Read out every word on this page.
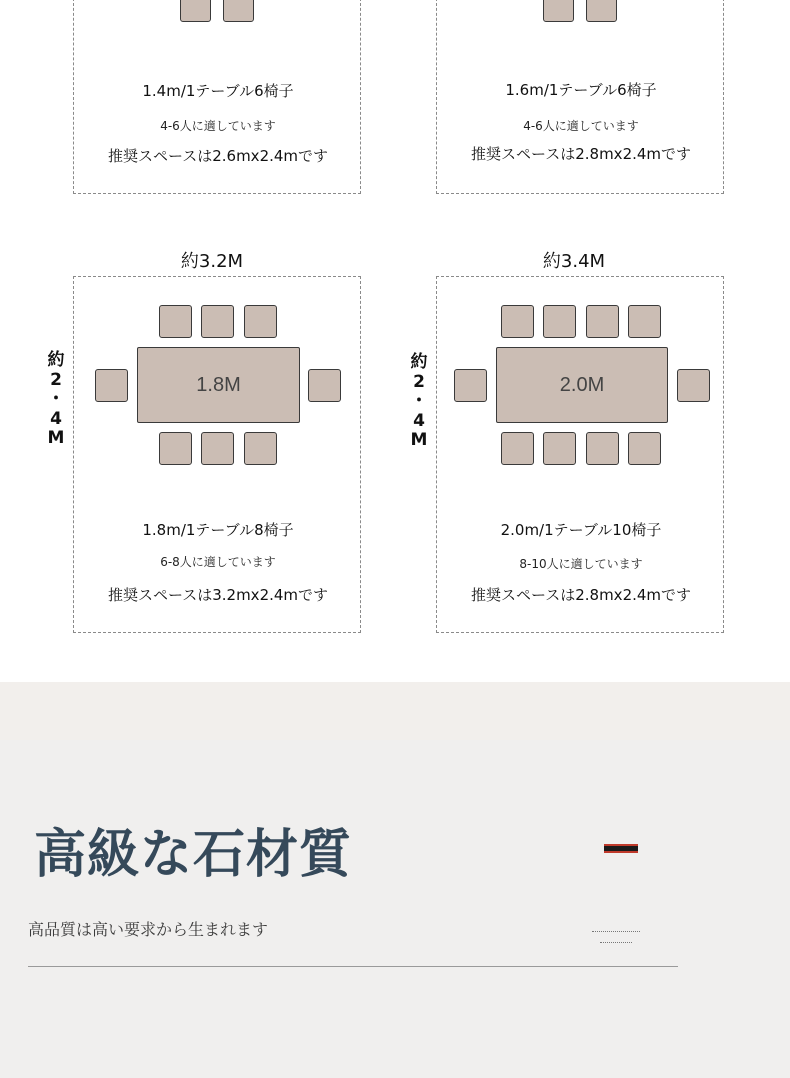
1.4m/1テーブル6椅子
4-6人に適しています
推奨スペースは2.6mx2.4mです
1.6m/1テーブル6椅子
4-6人に適しています
推奨スペースは2.8mx2.4mです
約3.2M	約3.4M
1.8M
1.8m/1テーブル8椅子
6-8人に適しています
推奨スペースは3.2mx2.4mです
約
2
・
4
M
2.0M
2.0m/1テーブル10椅子
8-10人に適しています
推奨スペースは2.8mx2.4mです
約
2
・
4
M
高級な石材質
高品質は高い要求から生まれます
